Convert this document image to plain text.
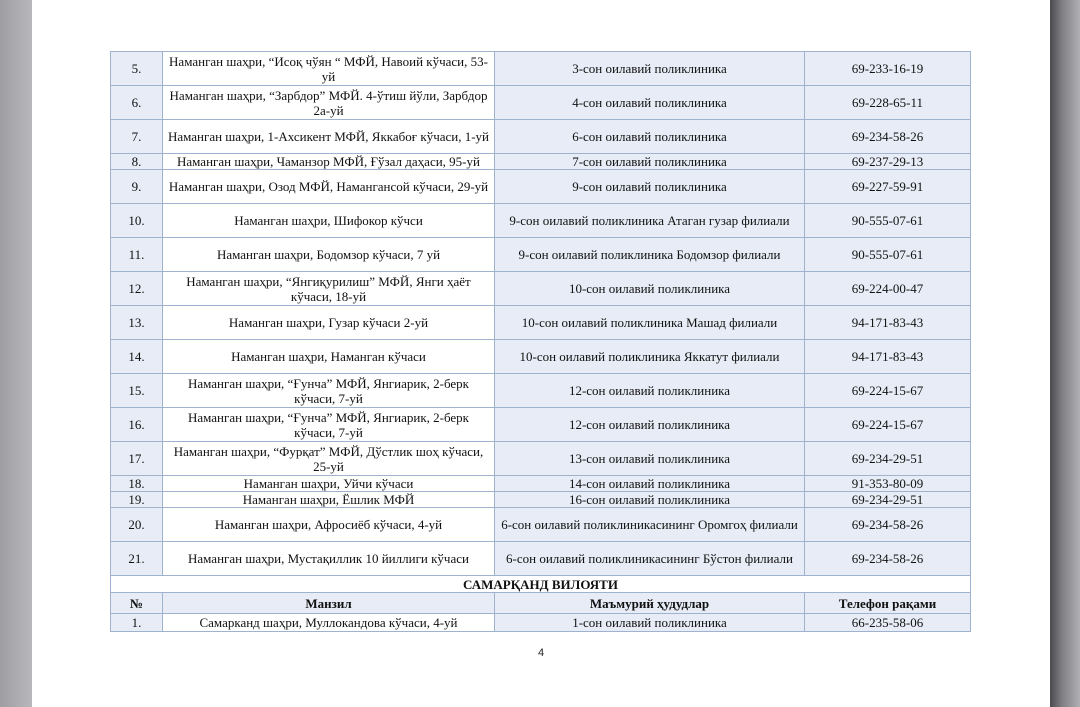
5.	Наманган шаҳри, “Исоқ чўян “ МФЙ, Навоий кўчаси, 53-уй	3-сон оилавий поликлиника	69-233-16-19
6.	Наманган шаҳри, “Зарбдор” МФЙ. 4-ўтиш йўли, Зарбдор 2а-уй	4-сон оилавий поликлиника	69-228-65-11
7.	Наманган шаҳри, 1-Ахсикент МФЙ, Яккабоғ кўчаси, 1-уй	6-сон оилавий поликлиника	69-234-58-26
8.	Наманган шаҳри, Чаманзор МФЙ, Ғўзал даҳаси, 95-уй	7-сон оилавий поликлиника	69-237-29-13
9.	Наманган шаҳри, Озод МФЙ, Намангансой кўчаси, 29-уй	9-сон оилавий поликлиника	69-227-59-91
10.	Наманган шаҳри, Шифокор кўчси	9-сон оилавий поликлиника Атаган гузар филиали	90-555-07-61
11.	Наманган шаҳри, Бодомзор кўчаси, 7 уй	9-сон оилавий поликлиника Бодомзор филиали	90-555-07-61
12.	Наманган шаҳри, “Янгиқурилиш” МФЙ, Янги ҳаёт кўчаси, 18-уй	10-сон оилавий поликлиника	69-224-00-47
13.	Наманган шаҳри, Гузар кўчаси 2-уй	10-сон оилавий поликлиника Машад филиали	94-171-83-43
14.	Наманган шаҳри, Наманган кўчаси	10-сон оилавий поликлиника Яккатут филиали	94-171-83-43
15.	Наманган шаҳри, “Ғунча” МФЙ, Янгиарик, 2-берк кўчаси, 7-уй	12-сон оилавий поликлиника	69-224-15-67
16.	Наманган шаҳри, “Ғунча” МФЙ, Янгиарик, 2-берк кўчаси, 7-уй	12-сон оилавий поликлиника	69-224-15-67
17.	Наманган шаҳри, “Фурқат” МФЙ, Дўстлик шоҳ кўчаси, 25-уй	13-сон оилавий поликлиника	69-234-29-51
18.	Наманган шаҳри, Уйчи кўчаси	14-сон оилавий поликлиника	91-353-80-09
19.	Наманган шаҳри, Ёшлик МФЙ	16-сон оилавий поликлиника	69-234-29-51
20.	Наманган шаҳри, Афросиёб кўчаси, 4-уй	6-сон оилавий поликлиникасининг Оромгоҳ филиали	69-234-58-26
21.	Наманган шаҳри, Мустақиллик 10 йиллиги кўчаси	6-сон оилавий поликлиникасининг Бўстон филиали	69-234-58-26
САМАРҚАНД ВИЛОЯТИ			
№	Манзил	Маъмурий ҳудудлар	Телефон рақами
1.	Самарканд шаҳри, Муллокандова кўчаси, 4-уй	1-сон оилавий поликлиника	66-235-58-06
4
